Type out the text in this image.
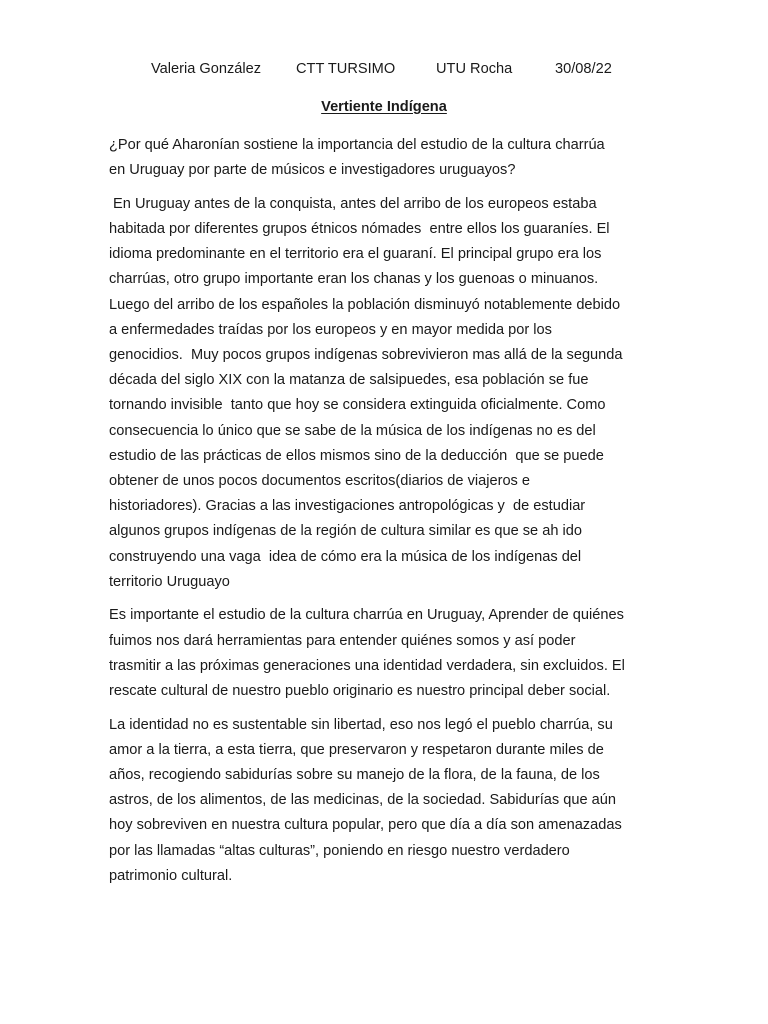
Valeria González CTT TURSIMO	UTU Rocha	30/08/22
Vertiente Indígena

¿Por qué Aharonían sostiene la importancia del estudio de la cultura charrúa
en Uruguay por parte de músicos e investigadores uruguayos?

En Uruguay antes de la conquista, antes del arribo de los europeos estaba
habitada por diferentes grupos étnicos nómades  entre ellos los guaraníes. El
idioma predominante en el territorio era el guaraní. El principal grupo era los
charrúas, otro grupo importante eran los chanas y los guenoas o minuanos.
Luego del arribo de los españoles la población disminuyó notablemente debido
a enfermedades traídas por los europeos y en mayor medida por los
genocidios.  Muy pocos grupos indígenas sobrevivieron mas allá de la segunda
década del siglo XIX con la matanza de salsipuedes, esa población se fue
tornando invisible  tanto que hoy se considera extinguida oficialmente. Como
consecuencia lo único que se sabe de la música de los indígenas no es del
estudio de las prácticas de ellos mismos sino de la deducción  que se puede
obtener de unos pocos documentos escritos(diarios de viajeros e
historiadores). Gracias a las investigaciones antropológicas y  de estudiar
algunos grupos indígenas de la región de cultura similar es que se ah ido
construyendo una vaga  idea de cómo era la música de los indígenas del
territorio Uruguayo

Es importante el estudio de la cultura charrúa en Uruguay, Aprender de quiénes
fuimos nos dará herramientas para entender quiénes somos y así poder
trasmitir a las próximas generaciones una identidad verdadera, sin excluidos. El
rescate cultural de nuestro pueblo originario es nuestro principal deber social.

La identidad no es sustentable sin libertad, eso nos legó el pueblo charrúa, su
amor a la tierra, a esta tierra, que preservaron y respetaron durante miles de
años, recogiendo sabidurías sobre su manejo de la flora, de la fauna, de los
astros, de los alimentos, de las medicinas, de la sociedad. Sabidurías que aún
hoy sobreviven en nuestra cultura popular, pero que día a día son amenazadas
por las llamadas “altas culturas”, poniendo en riesgo nuestro verdadero
patrimonio cultural.
